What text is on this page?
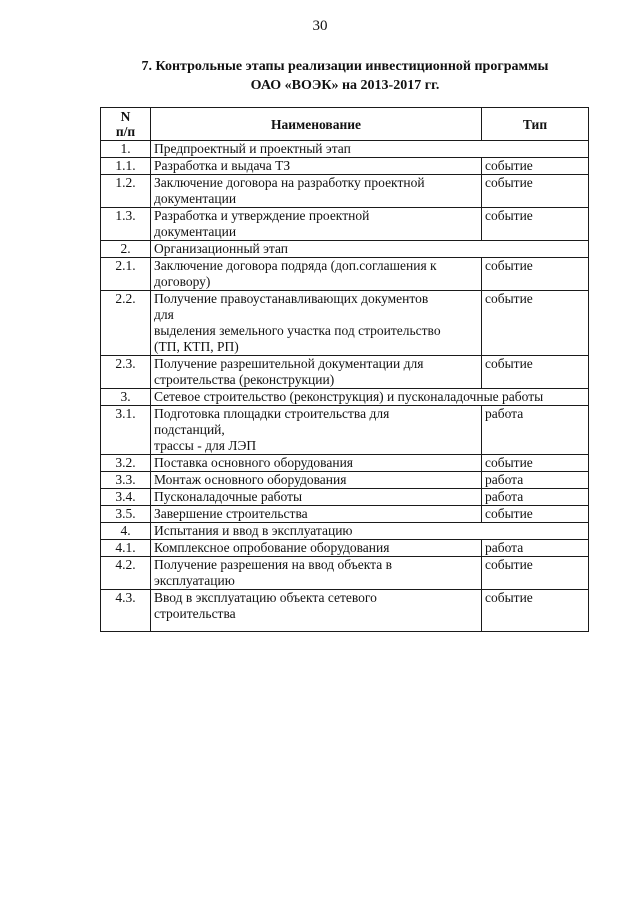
30
7. Контрольные этапы реализации инвестиционной программы
ОАО «ВОЭК» на 2013-2017 гг.
N
п/п	Наименование	Тип
1.	Предпроектный и проектный этап	

1.1.	Разработка и выдача ТЗ	событие
1.2.	Заключение договора на разработку проектной
документации	событие
1.3.	Разработка и утверждение проектной
документации	событие
2.	Организационный этап	

2.1.	Заключение договора подряда (доп.соглашения к
договору)	событие
2.2.	Получение правоустанавливающих документов
для
выделения земельного участка под строительство
(ТП, КТП, РП)	событие
2.3.	Получение разрешительной документации для
строительства (реконструкции)	событие
3.	Сетевое строительство (реконструкция) и пусконаладочные работы	

3.1.	Подготовка площадки строительства для
подстанций,
трассы - для ЛЭП	работа
3.2.	Поставка основного оборудования	событие
3.3.	Монтаж основного оборудования	работа
3.4.	Пусконаладочные работы	работа
3.5.	Завершение строительства	событие
4.	Испытания и ввод в эксплуатацию	

4.1.	Комплексное опробование оборудования	работа
4.2.	Получение разрешения на ввод объекта в
эксплуатацию	событие
4.3.	Ввод в эксплуатацию объекта сетевого
строительства	событие
